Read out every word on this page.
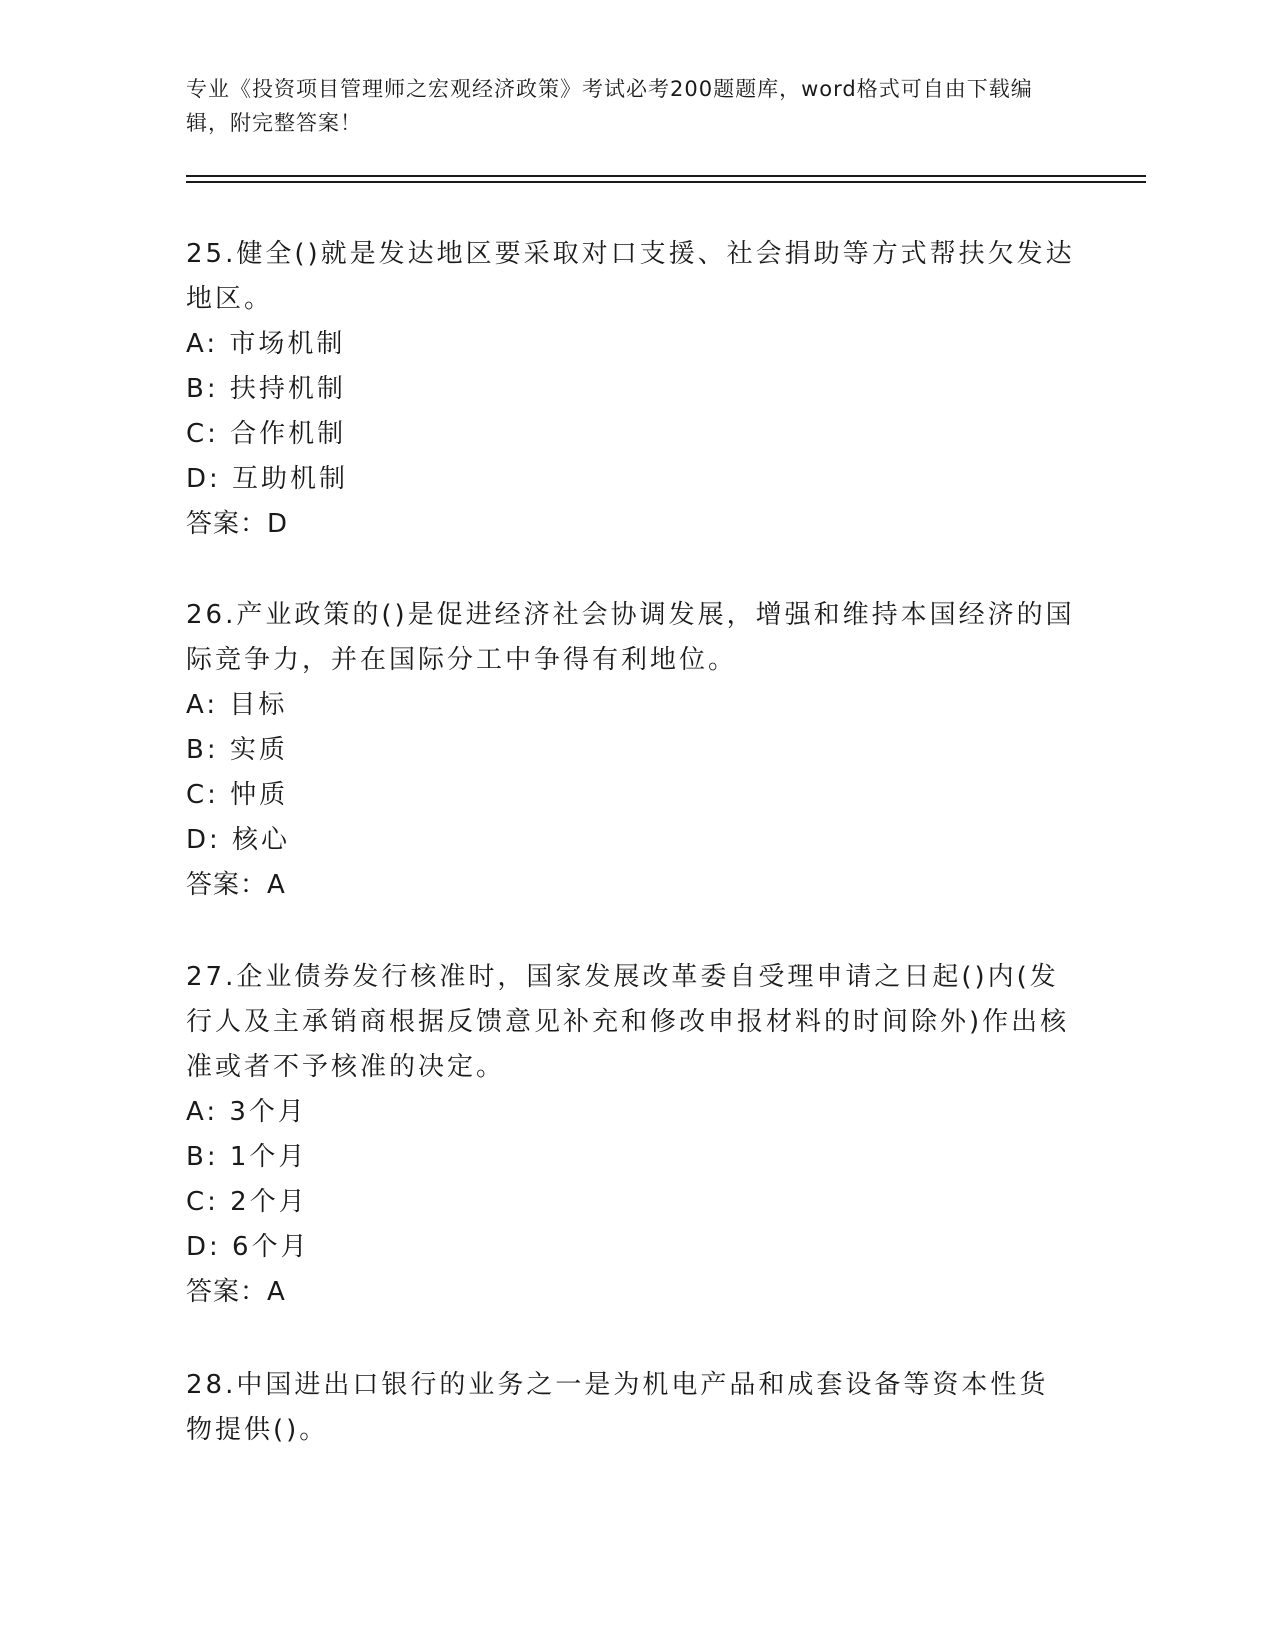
专业《投资项目管理师之宏观经济政策》考试必考200题题库，word格式可自由下载编辑，附完整答案！
25.健全()就是发达地区要采取对口支援、社会捐助等方式帮扶欠发达地区。
A: 市场机制
B: 扶持机制
C: 合作机制
D: 互助机制
答案：D
26.产业政策的()是促进经济社会协调发展，增强和维持本国经济的国际竞争力，并在国际分工中争得有利地位。
A: 目标
B: 实质
C: 忡质
D: 核心
答案：A
27.企业债券发行核准时，国家发展改革委自受理申请之日起()内(发行人及主承销商根据反馈意见补充和修改申报材料的时间除外)作出核准或者不予核准的决定。
A: 3个月
B: 1个月
C: 2个月
D: 6个月
答案：A
28.中国进出口银行的业务之一是为机电产品和成套设备等资本性货物提供()。
